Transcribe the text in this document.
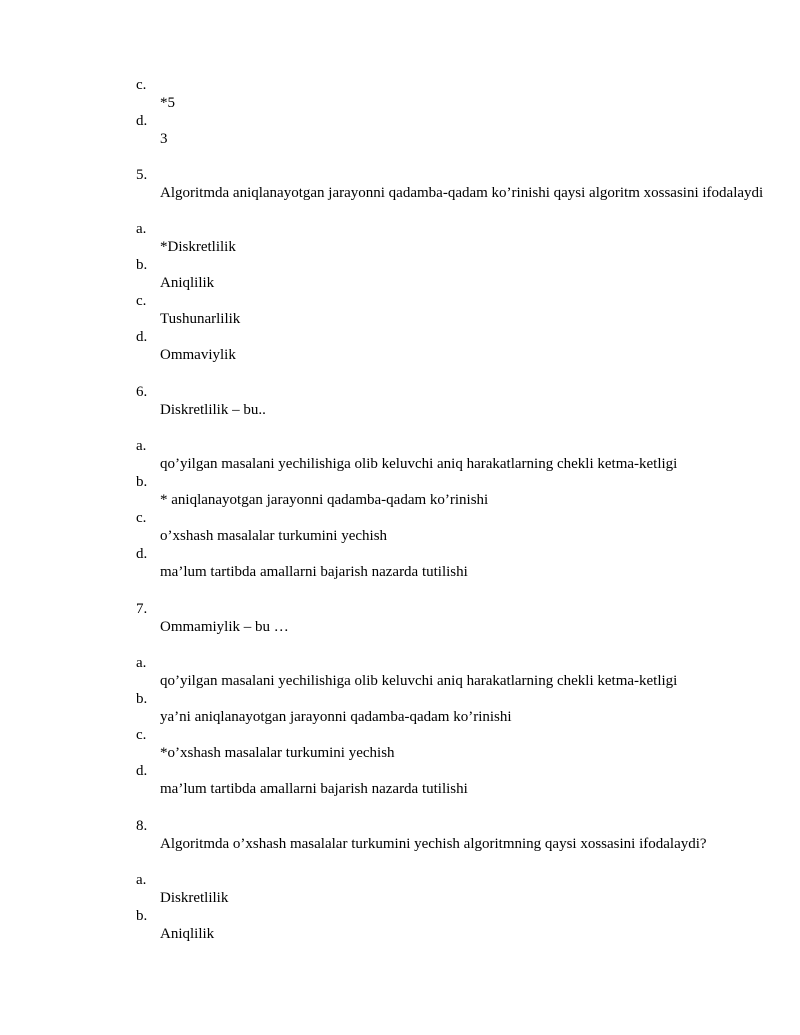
c.
*5
d.
3
5.
Algoritmda aniqlanayotgan jarayonni qadamba-qadam ko’rinishi qaysi algoritm xossasini ifodalaydi
a.
*Diskretlilik
b.
Aniqlilik
c.
Tushunarlilik
d.
Ommaviylik
6.
Diskretlilik – bu..
a.
qo’yilgan masalani yechilishiga olib keluvchi aniq harakatlarning chekli ketma-ketligi
b.
* aniqlanayotgan jarayonni qadamba-qadam ko’rinishi
c.
o’xshash masalalar turkumini yechish
d.
ma’lum tartibda amallarni bajarish nazarda tutilishi
7.
Ommamiylik – bu …
a.
qo’yilgan masalani yechilishiga olib keluvchi aniq harakatlarning chekli ketma-ketligi
b.
ya’ni aniqlanayotgan jarayonni qadamba-qadam ko’rinishi
c.
*o’xshash masalalar turkumini yechish
d.
ma’lum tartibda amallarni bajarish nazarda tutilishi
8.
Algoritmda o’xshash masalalar turkumini yechish algoritmning qaysi xossasini ifodalaydi?
a.
Diskretlilik
b.
Aniqlilik
